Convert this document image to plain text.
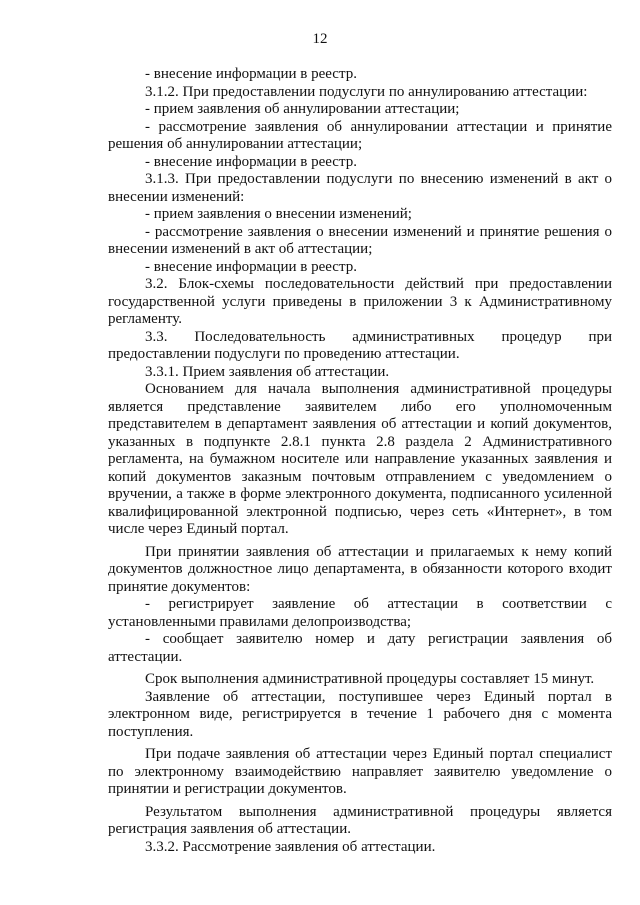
12

- внесение информации в реестр.

3.1.2. При предоставлении подуслуги по аннулированию аттестации:

- прием заявления об аннулировании аттестации;

- рассмотрение заявления об аннулировании аттестации и принятие решения об аннулировании аттестации;

- внесение информации в реестр.

3.1.3. При предоставлении подуслуги по внесению изменений в акт о внесении изменений:

- прием заявления о внесении изменений;

- рассмотрение заявления о внесении изменений и принятие решения о внесении изменений в акт об аттестации;

- внесение информации в реестр.

3.2. Блок-схемы последовательности действий при предоставлении государственной услуги приведены в приложении 3 к Административному регламенту.

3.3. Последовательность административных процедур при предоставлении подуслуги по проведению аттестации.

3.3.1. Прием заявления об аттестации.

Основанием для начала выполнения административной процедуры является представление заявителем либо его уполномоченным представителем в департамент заявления об аттестации и копий документов, указанных в подпункте 2.8.1 пункта 2.8 раздела 2 Административного регламента, на бумажном носителе или направление указанных заявления и копий документов заказным почтовым отправлением с уведомлением о вручении, а также в форме электронного документа, подписанного усиленной квалифицированной электронной подписью, через сеть «Интернет», в том числе через Единый портал.

При принятии заявления об аттестации и прилагаемых к нему копий документов должностное лицо департамента, в обязанности которого входит принятие документов:

- регистрирует заявление об аттестации в соответствии с установленными правилами делопроизводства;

- сообщает заявителю номер и дату регистрации заявления об аттестации.

Срок выполнения административной процедуры составляет 15 минут.

Заявление об аттестации, поступившее через Единый портал в электронном виде, регистрируется в течение 1 рабочего дня с момента поступления.

При подаче заявления об аттестации через Единый портал специалист по электронному взаимодействию направляет заявителю уведомление о принятии и регистрации документов.

Результатом выполнения административной процедуры является регистрация заявления об аттестации.

3.3.2. Рассмотрение заявления об аттестации.
